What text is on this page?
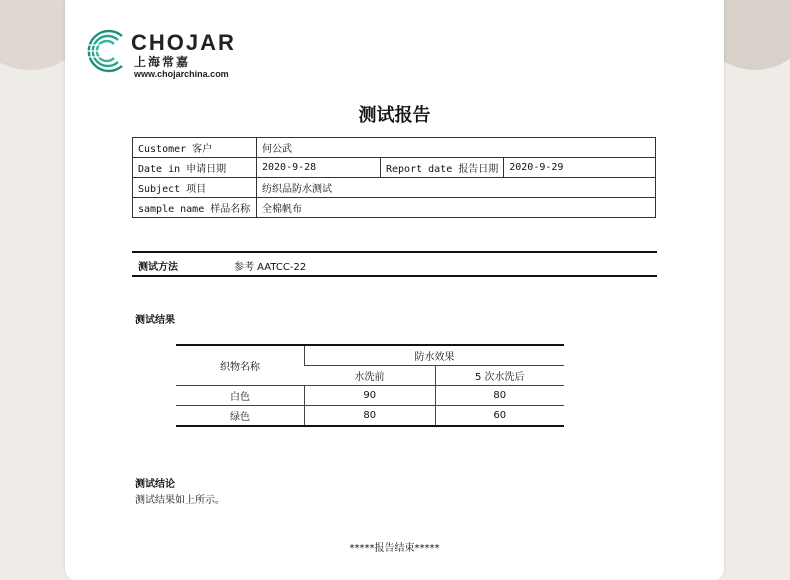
CHOJAR
上海常嘉
www.chojarchina.com
测试报告
Customer 客户	何公武		
Date in 申请日期	2020-9-28	Report date 报告日期	2020-9-29
Subject 项目	纺织品防水测试		
sample name 样品名称	全棉帆布		
测试方法	参考 AATCC-22
测试结果
织物名称	防水效果	
	水洗前	5 次水洗后
白色	90	80
绿色	80	60
测试结论
测试结果如上所示。
*****报告结束*****
